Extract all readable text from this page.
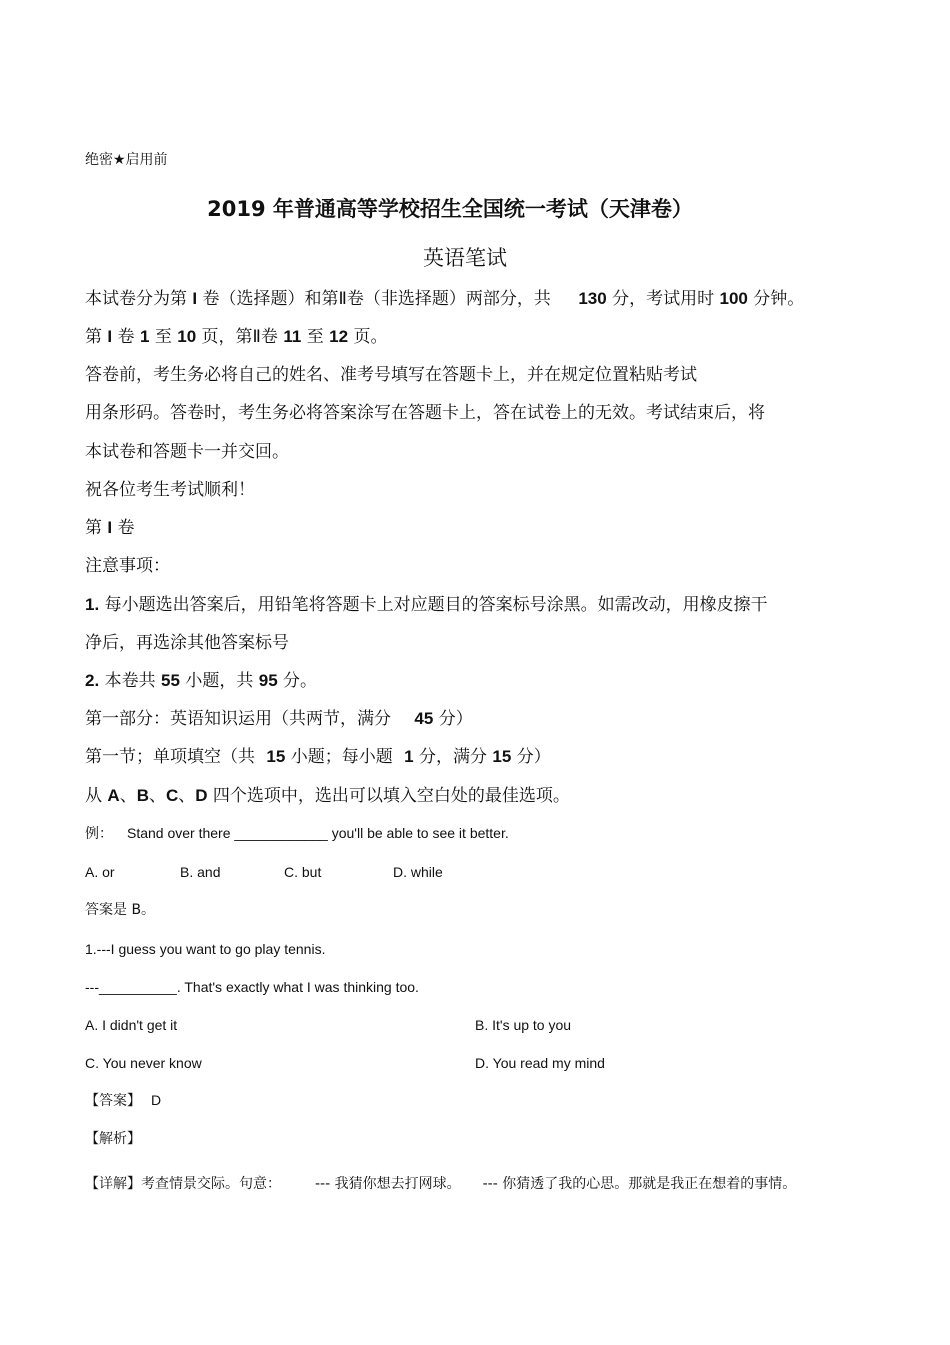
绝密★启用前
2019 年普通高等学校招生全国统一考试（天津卷）
英语笔试
本试卷分为第 I 卷（选择题）和第Ⅱ卷（非选择题）两部分，共 130 分，考试用时 100 分钟。
第 I 卷 1 至 10 页，第Ⅱ卷 11 至 12 页。
答卷前，考生务必将自己的姓名、准考号填写在答题卡上，并在规定位置粘贴考试
用条形码。答卷时，考生务必将答案涂写在答题卡上，答在试卷上的无效。考试结束后，将
本试卷和答题卡一并交回。
祝各位考生考试顺利！
第 I 卷
注意事项：
1. 每小题选出答案后，用铅笔将答题卡上对应题目的答案标号涂黑。如需改动，用橡皮擦干
净后，再选涂其他答案标号
2. 本卷共 55 小题，共 95 分。
第一部分：英语知识运用（共两节，满分 45 分）
第一节；单项填空（共 15 小题；每小题 1 分，满分 15 分）
从 A、B、C、D 四个选项中，选出可以填入空白处的最佳选项。
例： Stand over there ____________ you'll be able to see it better.
A. or	B. and	C. but	D. while
答案是 B。
1.---I guess you want to go play tennis.
---__________. That's exactly what I was thinking too.
A. I didn't get it	B. It's up to you
C. You never know	D. You read my mind
【答案】 D
【解析】
【详解】考查情景交际。句意： --- 我猜你想去打网球。 --- 你猜透了我的心思。那就是我正在想着的事情。
